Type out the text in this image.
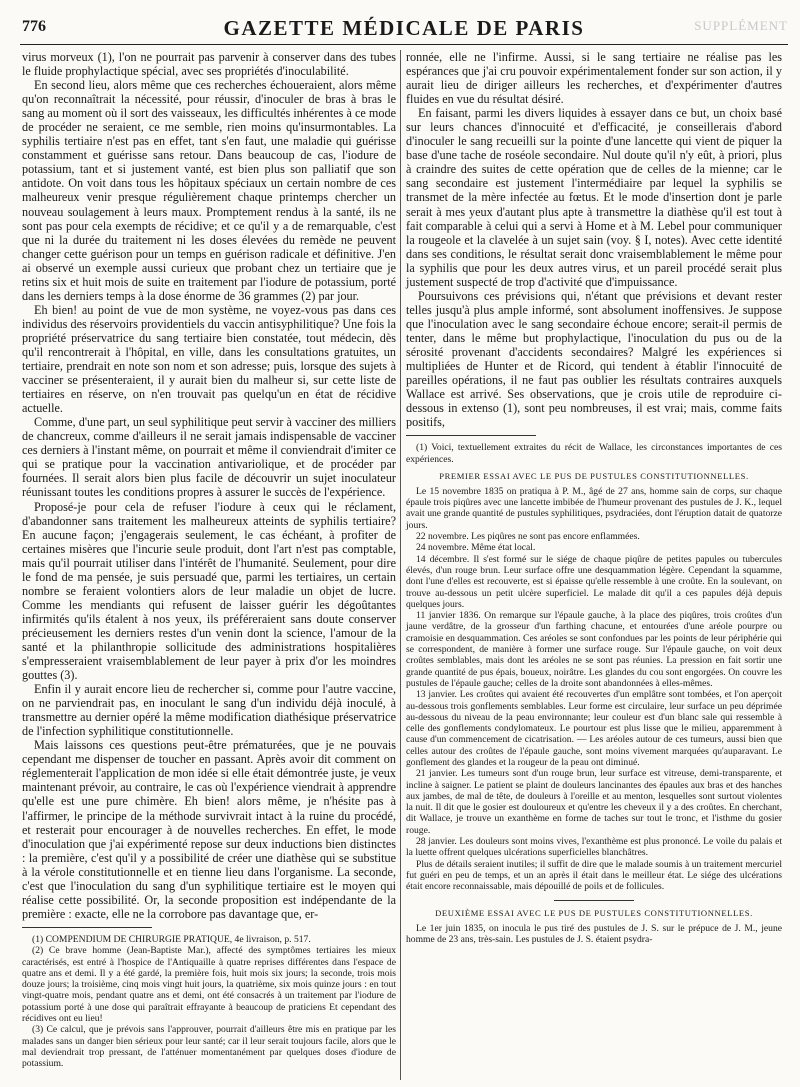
776	GAZETTE MÉDICALE DE PARIS	SUPPLÉMENT

virus morveux (1), l'on ne pourrait pas parvenir à conserver dans des tubes le fluide prophylactique spécial, avec ses propriétés d'inoculabilité.

En second lieu, alors même que ces recherches échoueraient, alors même qu'on reconnaîtrait la nécessité, pour réussir, d'inoculer de bras à bras le sang au moment où il sort des vaisseaux, les difficultés inhérentes à ce mode de procéder ne seraient, ce me semble, rien moins qu'insurmontables. La syphilis tertiaire n'est pas en effet, tant s'en faut, une maladie qui guérisse constamment et guérisse sans retour. Dans beaucoup de cas, l'iodure de potassium, tant et si justement vanté, est bien plus son palliatif que son antidote. On voit dans tous les hôpitaux spéciaux un certain nombre de ces malheureux venir presque régulièrement chaque printemps chercher un nouveau soulagement à leurs maux. Promptement rendus à la santé, ils ne sont pas pour cela exempts de récidive; et ce qu'il y a de remarquable, c'est que ni la durée du traitement ni les doses élevées du remède ne peuvent changer cette guérison pour un temps en guérison radicale et définitive. J'en ai observé un exemple aussi curieux que probant chez un tertiaire que je retins six et huit mois de suite en traitement par l'iodure de potassium, porté dans les derniers temps à la dose énorme de 36 grammes (2) par jour.

Eh bien! au point de vue de mon système, ne voyez-vous pas dans ces individus des réservoirs providentiels du vaccin antisyphilitique? Une fois la propriété préservatrice du sang tertiaire bien constatée, tout médecin, dès qu'il rencontrerait à l'hôpital, en ville, dans les consultations gratuites, un tertiaire, prendrait en note son nom et son adresse; puis, lorsque des sujets à vacciner se présenteraient, il y aurait bien du malheur si, sur cette liste de tertiaires en réserve, on n'en trouvait pas quelqu'un en état de récidive actuelle.

Comme, d'une part, un seul syphilitique peut servir à vacciner des milliers de chancreux, comme d'ailleurs il ne serait jamais indispensable de vacciner ces derniers à l'instant même, on pourrait et même il conviendrait d'imiter ce qui se pratique pour la vaccination antivariolique, et de procéder par fournées. Il serait alors bien plus facile de découvrir un sujet inoculateur réunissant toutes les conditions propres à assurer le succès de l'expérience.

Proposé-je pour cela de refuser l'iodure à ceux qui le réclament, d'abandonner sans traitement les malheureux atteints de syphilis tertiaire? En aucune façon; j'engagerais seulement, le cas échéant, à profiter de certaines misères que l'incurie seule produit, dont l'art n'est pas comptable, mais qu'il pourrait utiliser dans l'intérêt de l'humanité. Seulement, pour dire le fond de ma pensée, je suis persuadé que, parmi les tertiaires, un certain nombre se feraient volontiers alors de leur maladie un objet de lucre. Comme les mendiants qui refusent de laisser guérir les dégoûtantes infirmités qu'ils étalent à nos yeux, ils préféreraient sans doute conserver précieusement les derniers restes d'un venin dont la science, l'amour de la santé et la philanthropie sollicitude des administrations hospitalières s'empresseraient vraisemblablement de leur payer à prix d'or les moindres gouttes (3).

Enfin il y aurait encore lieu de rechercher si, comme pour l'autre vaccine, on ne parviendrait pas, en inoculant le sang d'un individu déjà inoculé, à transmettre au dernier opéré la même modification diathésique préservatrice de l'infection syphilitique constitutionnelle.

Mais laissons ces questions peut-être prématurées, que je ne pouvais cependant me dispenser de toucher en passant. Après avoir dit comment on réglementerait l'application de mon idée si elle était démontrée juste, je veux maintenant prévoir, au contraire, le cas où l'expérience viendrait à apprendre qu'elle est une pure chimère. Eh bien! alors même, je n'hésite pas à l'affirmer, le principe de la méthode survivrait intact à la ruine du procédé, et resterait pour encourager à de nouvelles recherches. En effet, le mode d'inoculation que j'ai expérimenté repose sur deux inductions bien distinctes : la première, c'est qu'il y a possibilité de créer une diathèse qui se substitue à la vérole constitutionnelle et en tienne lieu dans l'organisme. La seconde, c'est que l'inoculation du sang d'un syphilitique tertiaire est le moyen qui réalise cette possibilité. Or, la seconde proposition est indépendante de la première : exacte, elle ne la corrobore pas davantage que, er-

(1) COMPENDIUM DE CHIRURGIE PRATIQUE, 4e livraison, p. 517.

(2) Ce brave homme (Jean-Baptiste Mar.), affecté des symptômes tertiaires les mieux caractérisés, est entré à l'hospice de l'Antiquaille à quatre reprises différentes dans l'espace de quatre ans et demi. Il y a été gardé, la première fois, huit mois six jours; la seconde, trois mois douze jours; la troisième, cinq mois vingt huit jours, la quatrième, six mois quinze jours : en tout vingt-quatre mois, pendant quatre ans et demi, ont été consacrés à un traitement par l'iodure de potassium porté à une dose qui paraîtrait effrayante à beaucoup de praticiens Et cependant des récidives ont eu lieu!

(3) Ce calcul, que je prévois sans l'approuver, pourrait d'ailleurs être mis en pratique par les malades sans un danger bien sérieux pour leur santé; car il leur serait toujours facile, alors que le mal deviendrait trop pressant, de l'atténuer momentanément par quelques doses d'iodure de potassium.

ronnée, elle ne l'infirme. Aussi, si le sang tertiaire ne réalise pas les espérances que j'ai cru pouvoir expérimentalement fonder sur son action, il y aurait lieu de diriger ailleurs les recherches, et d'expérimenter d'autres fluides en vue du résultat désiré.

En faisant, parmi les divers liquides à essayer dans ce but, un choix basé sur leurs chances d'innocuité et d'efficacité, je conseillerais d'abord d'inoculer le sang recueilli sur la pointe d'une lancette qui vient de piquer la base d'une tache de roséole secondaire. Nul doute qu'il n'y eût, à priori, plus à craindre des suites de cette opération que de celles de la mienne; car le sang secondaire est justement l'intermédiaire par lequel la syphilis se transmet de la mère infectée au fœtus. Et le mode d'insertion dont je parle serait à mes yeux d'autant plus apte à transmettre la diathèse qu'il est tout à fait comparable à celui qui a servi à Home et à M. Lebel pour communiquer la rougeole et la clavelée à un sujet sain (voy. § I, notes). Avec cette identité dans ses conditions, le résultat serait donc vraisemblablement le même pour la syphilis que pour les deux autres virus, et un pareil procédé serait plus justement suspecté de trop d'activité que d'impuissance.

Poursuivons ces prévisions qui, n'étant que prévisions et devant rester telles jusqu'à plus ample informé, sont absolument inoffensives. Je suppose que l'inoculation avec le sang secondaire échoue encore; serait-il permis de tenter, dans le même but prophylactique, l'inoculation du pus ou de la sérosité provenant d'accidents secondaires? Malgré les expériences si multipliées de Hunter et de Ricord, qui tendent à établir l'innocuité de pareilles opérations, il ne faut pas oublier les résultats contraires auxquels Wallace est arrivé. Ses observations, que je crois utile de reproduire ci-dessous in extenso (1), sont peu nombreuses, il est vrai; mais, comme faits positifs,

(1) Voici, textuellement extraites du récit de Wallace, les circonstances importantes de ces expériences.

PREMIER ESSAI AVEC LE PUS DE PUSTULES CONSTITUTIONNELLES.

Le 15 novembre 1835 on pratiqua à P. M., âgé de 27 ans, homme sain de corps, sur chaque épaule trois piqûres avec une lancette imbibée de l'humeur provenant des pustules de J. K., lequel avait une grande quantité de pustules syphilitiques, psydraciées, dont l'éruption datait de quatorze jours.

22 novembre. Les piqûres ne sont pas encore enflammées.

24 novembre. Même état local.

14 décembre. Il s'est formé sur le siége de chaque piqûre de petites papules ou tubercules élevés, d'un rouge brun. Leur surface offre une desquammation légère. Cependant la squamme, dont l'une d'elles est recouverte, est si épaisse qu'elle ressemble à une croûte. En la soulevant, on trouve au-dessous un petit ulcère superficiel. Le malade dit qu'il a ces papules déjà depuis quelques jours.

11 janvier 1836. On remarque sur l'épaule gauche, à la place des piqûres, trois croûtes d'un jaune verdâtre, de la grosseur d'un farthing chacune, et entourées d'une aréole pourpre ou cramoisie en desquammation. Ces aréoles se sont confondues par les points de leur périphérie qui se correspondent, de manière à former une surface rouge. Sur l'épaule gauche, on voit deux croûtes semblables, mais dont les aréoles ne se sont pas réunies. La pression en fait sortir une grande quantité de pus épais, boueux, noirâtre. Les glandes du cou sont engorgées. On couvre les pustules de l'épaule gauche; celles de la droite sont abandonnées à elles-mêmes.

13 janvier. Les croûtes qui avaient été recouvertes d'un emplâtre sont tombées, et l'on aperçoit au-dessous trois gonflements semblables. Leur forme est circulaire, leur surface un peu déprimée au-dessous du niveau de la peau environnante; leur couleur est d'un blanc sale qui ressemble à celle des gonflements condylomateux. Le pourtour est plus lisse que le milieu, apparemment à cause d'un commencement de cicatrisation. — Les aréoles autour de ces tumeurs, aussi bien que celles autour des croûtes de l'épaule gauche, sont moins vivement marquées qu'auparavant. Le gonflement des glandes et la rougeur de la peau ont diminué.

21 janvier. Les tumeurs sont d'un rouge brun, leur surface est vitreuse, demi-transparente, et incline à saigner. Le patient se plaint de douleurs lancinantes des épaules aux bras et des hanches aux jambes, de mal de tête, de douleurs à l'oreille et au menton, lesquelles sont surtout violentes la nuit. Il dit que le gosier est douloureux et qu'entre les cheveux il y a des croûtes. En cherchant, dit Wallace, je trouve un exanthème en forme de taches sur tout le tronc, et l'isthme du gosier rouge.

28 janvier. Les douleurs sont moins vives, l'exanthème est plus prononcé. Le voile du palais et la luette offrent quelques ulcérations superficielles blanchâtres.

Plus de détails seraient inutiles; il suffit de dire que le malade soumis à un traitement mercuriel fut guéri en peu de temps, et un an après il était dans le meilleur état. Le siége des ulcérations était encore reconnaissable, mais dépouillé de poils et de follicules.

DEUXIÈME ESSAI AVEC LE PUS DE PUSTULES CONSTITUTIONNELLES.

Le 1er juin 1835, on inocula le pus tiré des pustules de J. S. sur le prépuce de J. M., jeune homme de 23 ans, très-sain. Les pustules de J. S. étaient psydra-
